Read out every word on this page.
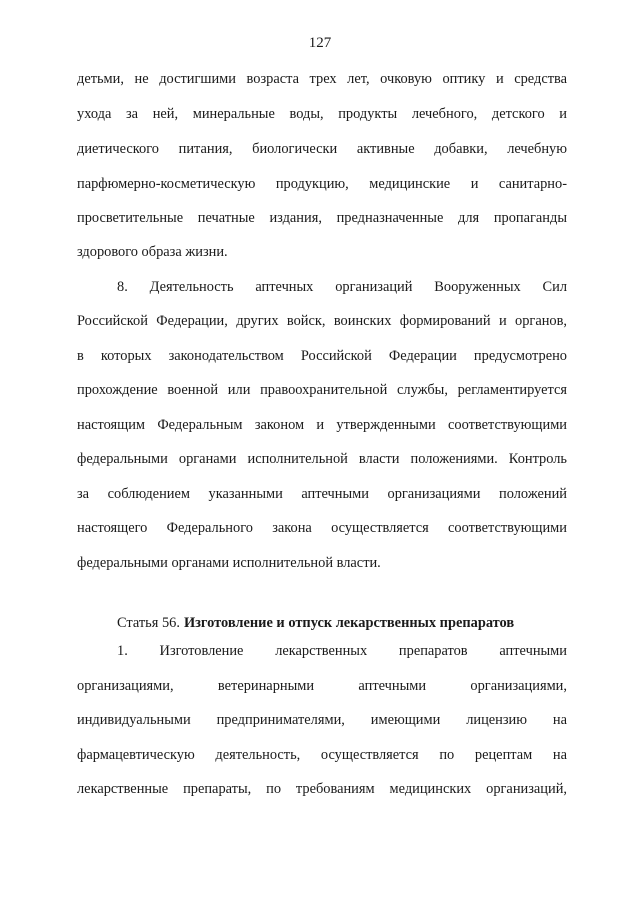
127
детьми, не достигшими возраста трех лет, очковую оптику и средства
ухода за ней, минеральные воды, продукты лечебного, детского и
диетического питания, биологически активные добавки, лечебную
парфюмерно-косметическую продукцию, медицинские и санитарно-
просветительные печатные издания, предназначенные для пропаганды
здорового образа жизни.
8. Деятельность аптечных организаций Вооруженных Сил
Российской Федерации, других войск, воинских формирований и органов,
в которых законодательством Российской Федерации предусмотрено
прохождение военной или правоохранительной службы, регламентируется
настоящим Федеральным законом и утвержденными соответствующими
федеральными органами исполнительной власти положениями. Контроль
за соблюдением указанными аптечными организациями положений
настоящего Федерального закона осуществляется соответствующими
федеральными органами исполнительной власти.
Статья 56. Изготовление и отпуск лекарственных препаратов
1. Изготовление лекарственных препаратов аптечными
организациями, ветеринарными аптечными организациями,
индивидуальными предпринимателями, имеющими лицензию на
фармацевтическую деятельность, осуществляется по рецептам на
лекарственные препараты, по требованиям медицинских организаций,
